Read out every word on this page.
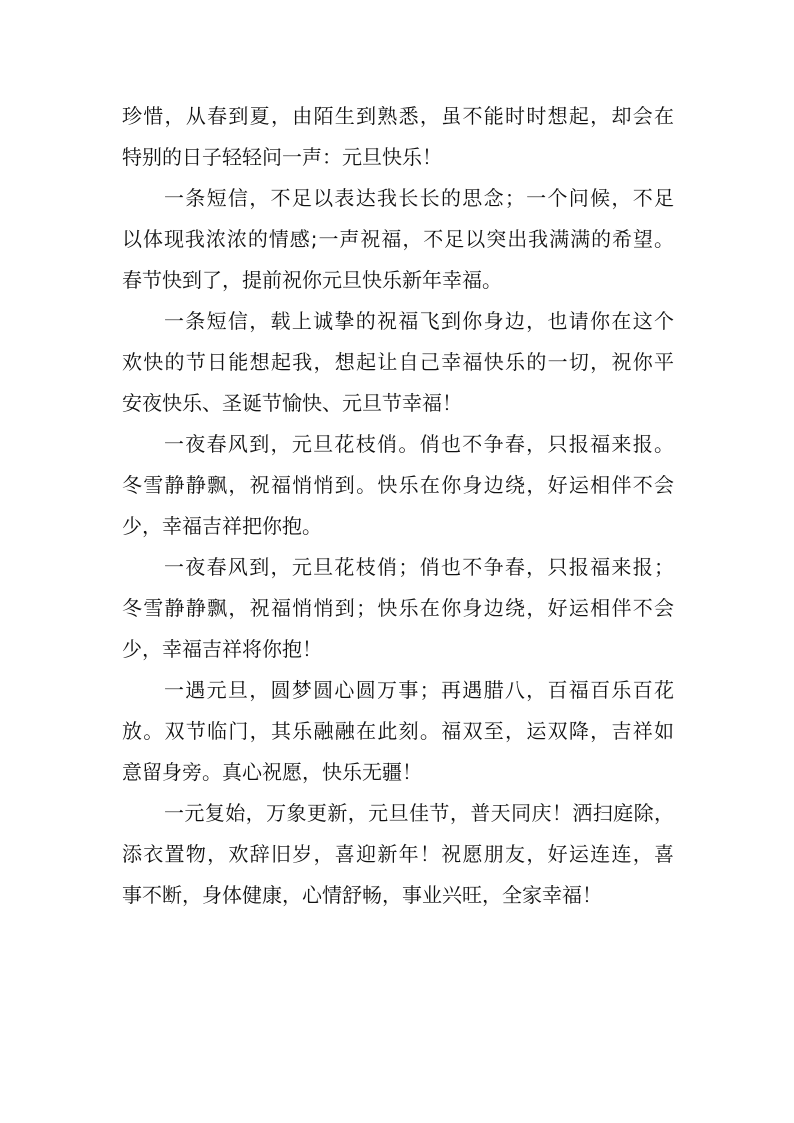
珍惜，从春到夏，由陌生到熟悉，虽不能时时想起，却会在
特别的日子轻轻问一声：元旦快乐！
一条短信，不足以表达我长长的思念；一个问候，不足
以体现我浓浓的情感;一声祝福，不足以突出我满满的希望。
春节快到了，提前祝你元旦快乐新年幸福。
一条短信，载上诚挚的祝福飞到你身边，也请你在这个
欢快的节日能想起我，想起让自己幸福快乐的一切，祝你平
安夜快乐、圣诞节愉快、元旦节幸福！
一夜春风到，元旦花枝俏。俏也不争春，只报福来报。
冬雪静静飘，祝福悄悄到。快乐在你身边绕，好运相伴不会
少，幸福吉祥把你抱。
一夜春风到，元旦花枝俏；俏也不争春，只报福来报；
冬雪静静飘，祝福悄悄到；快乐在你身边绕，好运相伴不会
少，幸福吉祥将你抱！
一遇元旦，圆梦圆心圆万事；再遇腊八，百福百乐百花
放。双节临门，其乐融融在此刻。福双至，运双降，吉祥如
意留身旁。真心祝愿，快乐无疆！
一元复始，万象更新，元旦佳节，普天同庆！洒扫庭除，
添衣置物，欢辞旧岁，喜迎新年！祝愿朋友，好运连连，喜
事不断，身体健康，心情舒畅，事业兴旺，全家幸福！
